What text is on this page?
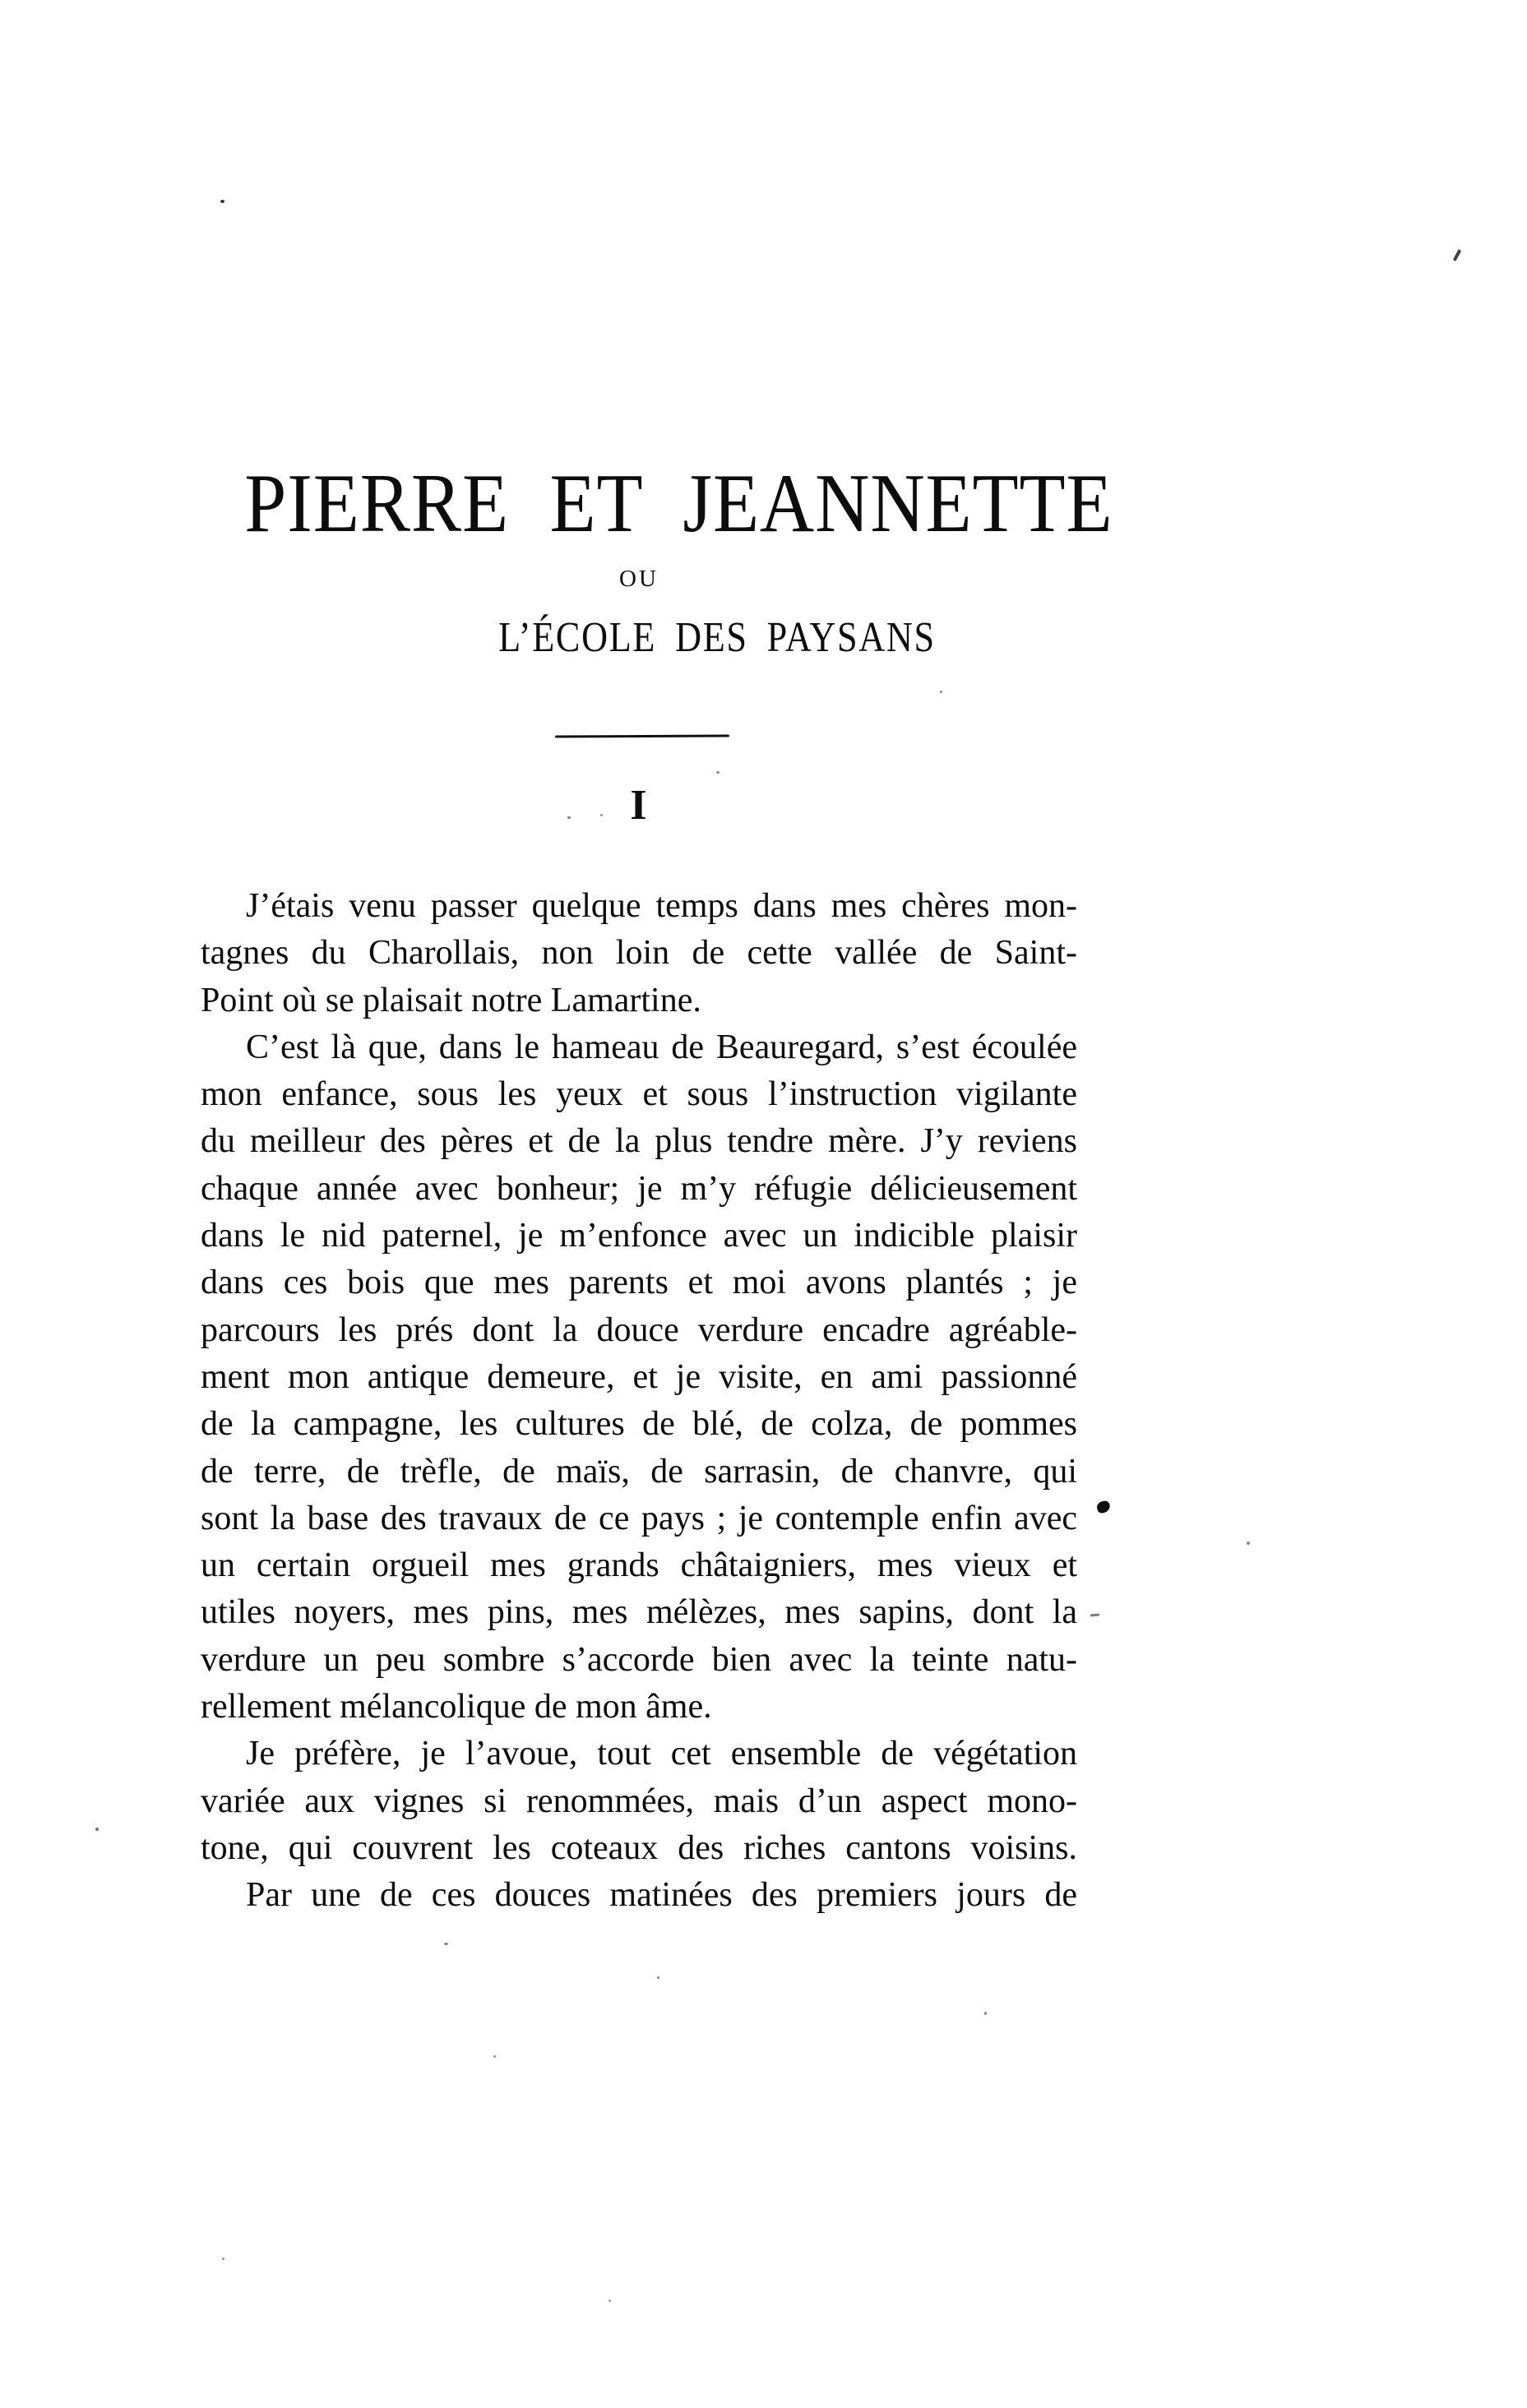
PIERRE ET JEANNETTE
OU
L’ÉCOLE DES PAYSANS
I
J’étais venu passer quelque temps dans mes chères mon-
tagnes du Charollais, non loin de cette vallée de Saint-
Point où se plaisait notre Lamartine.
C’est là que, dans le hameau de Beauregard, s’est écoulée
mon enfance, sous les yeux et sous l’instruction vigilante
du meilleur des pères et de la plus tendre mère. J’y reviens
chaque année avec bonheur; je m’y réfugie délicieusement
dans le nid paternel, je m’enfonce avec un indicible plaisir
dans ces bois que mes parents et moi avons plantés ; je
parcours les prés dont la douce verdure encadre agréable-
ment mon antique demeure, et je visite, en ami passionné
de la campagne, les cultures de blé, de colza, de pommes
de terre, de trèfle, de maïs, de sarrasin, de chanvre, qui
sont la base des travaux de ce pays ; je contemple enfin avec
un certain orgueil mes grands châtaigniers, mes vieux et
utiles noyers, mes pins, mes mélèzes, mes sapins, dont la
verdure un peu sombre s’accorde bien avec la teinte natu-
rellement mélancolique de mon âme.
Je préfère, je l’avoue, tout cet ensemble de végétation
variée aux vignes si renommées, mais d’un aspect mono-
tone, qui couvrent les coteaux des riches cantons voisins.
Par une de ces douces matinées des premiers jours de
